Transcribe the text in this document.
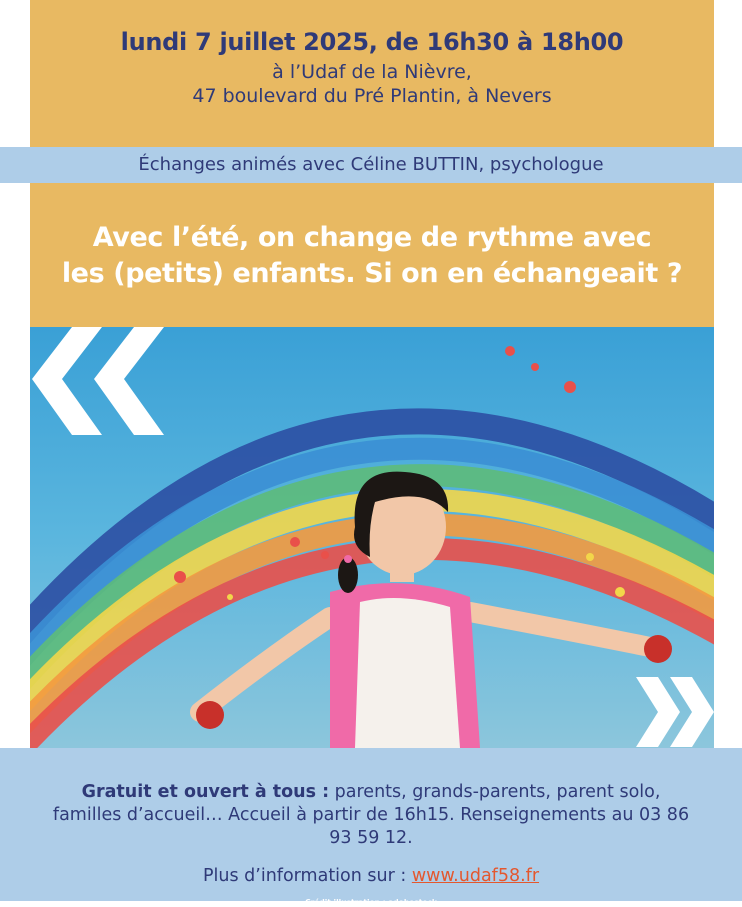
lundi 7 juillet 2025, de 16h30 à 18h00
à l’Udaf de la Nièvre,
47 boulevard du Pré Plantin, à Nevers
Échanges animés avec Céline BUTTIN, psychologue
Avec l’été, on change de rythme avec
les (petits) enfants. Si on en échangeait ?
Gratuit et ouvert à tous : parents, grands-parents, parent solo, familles d’accueil… Accueil à partir de 16h15. Renseignements au 03 86 93 59 12.
Plus d’information sur : www.udaf58.fr
Crédit illustration : adobestock
